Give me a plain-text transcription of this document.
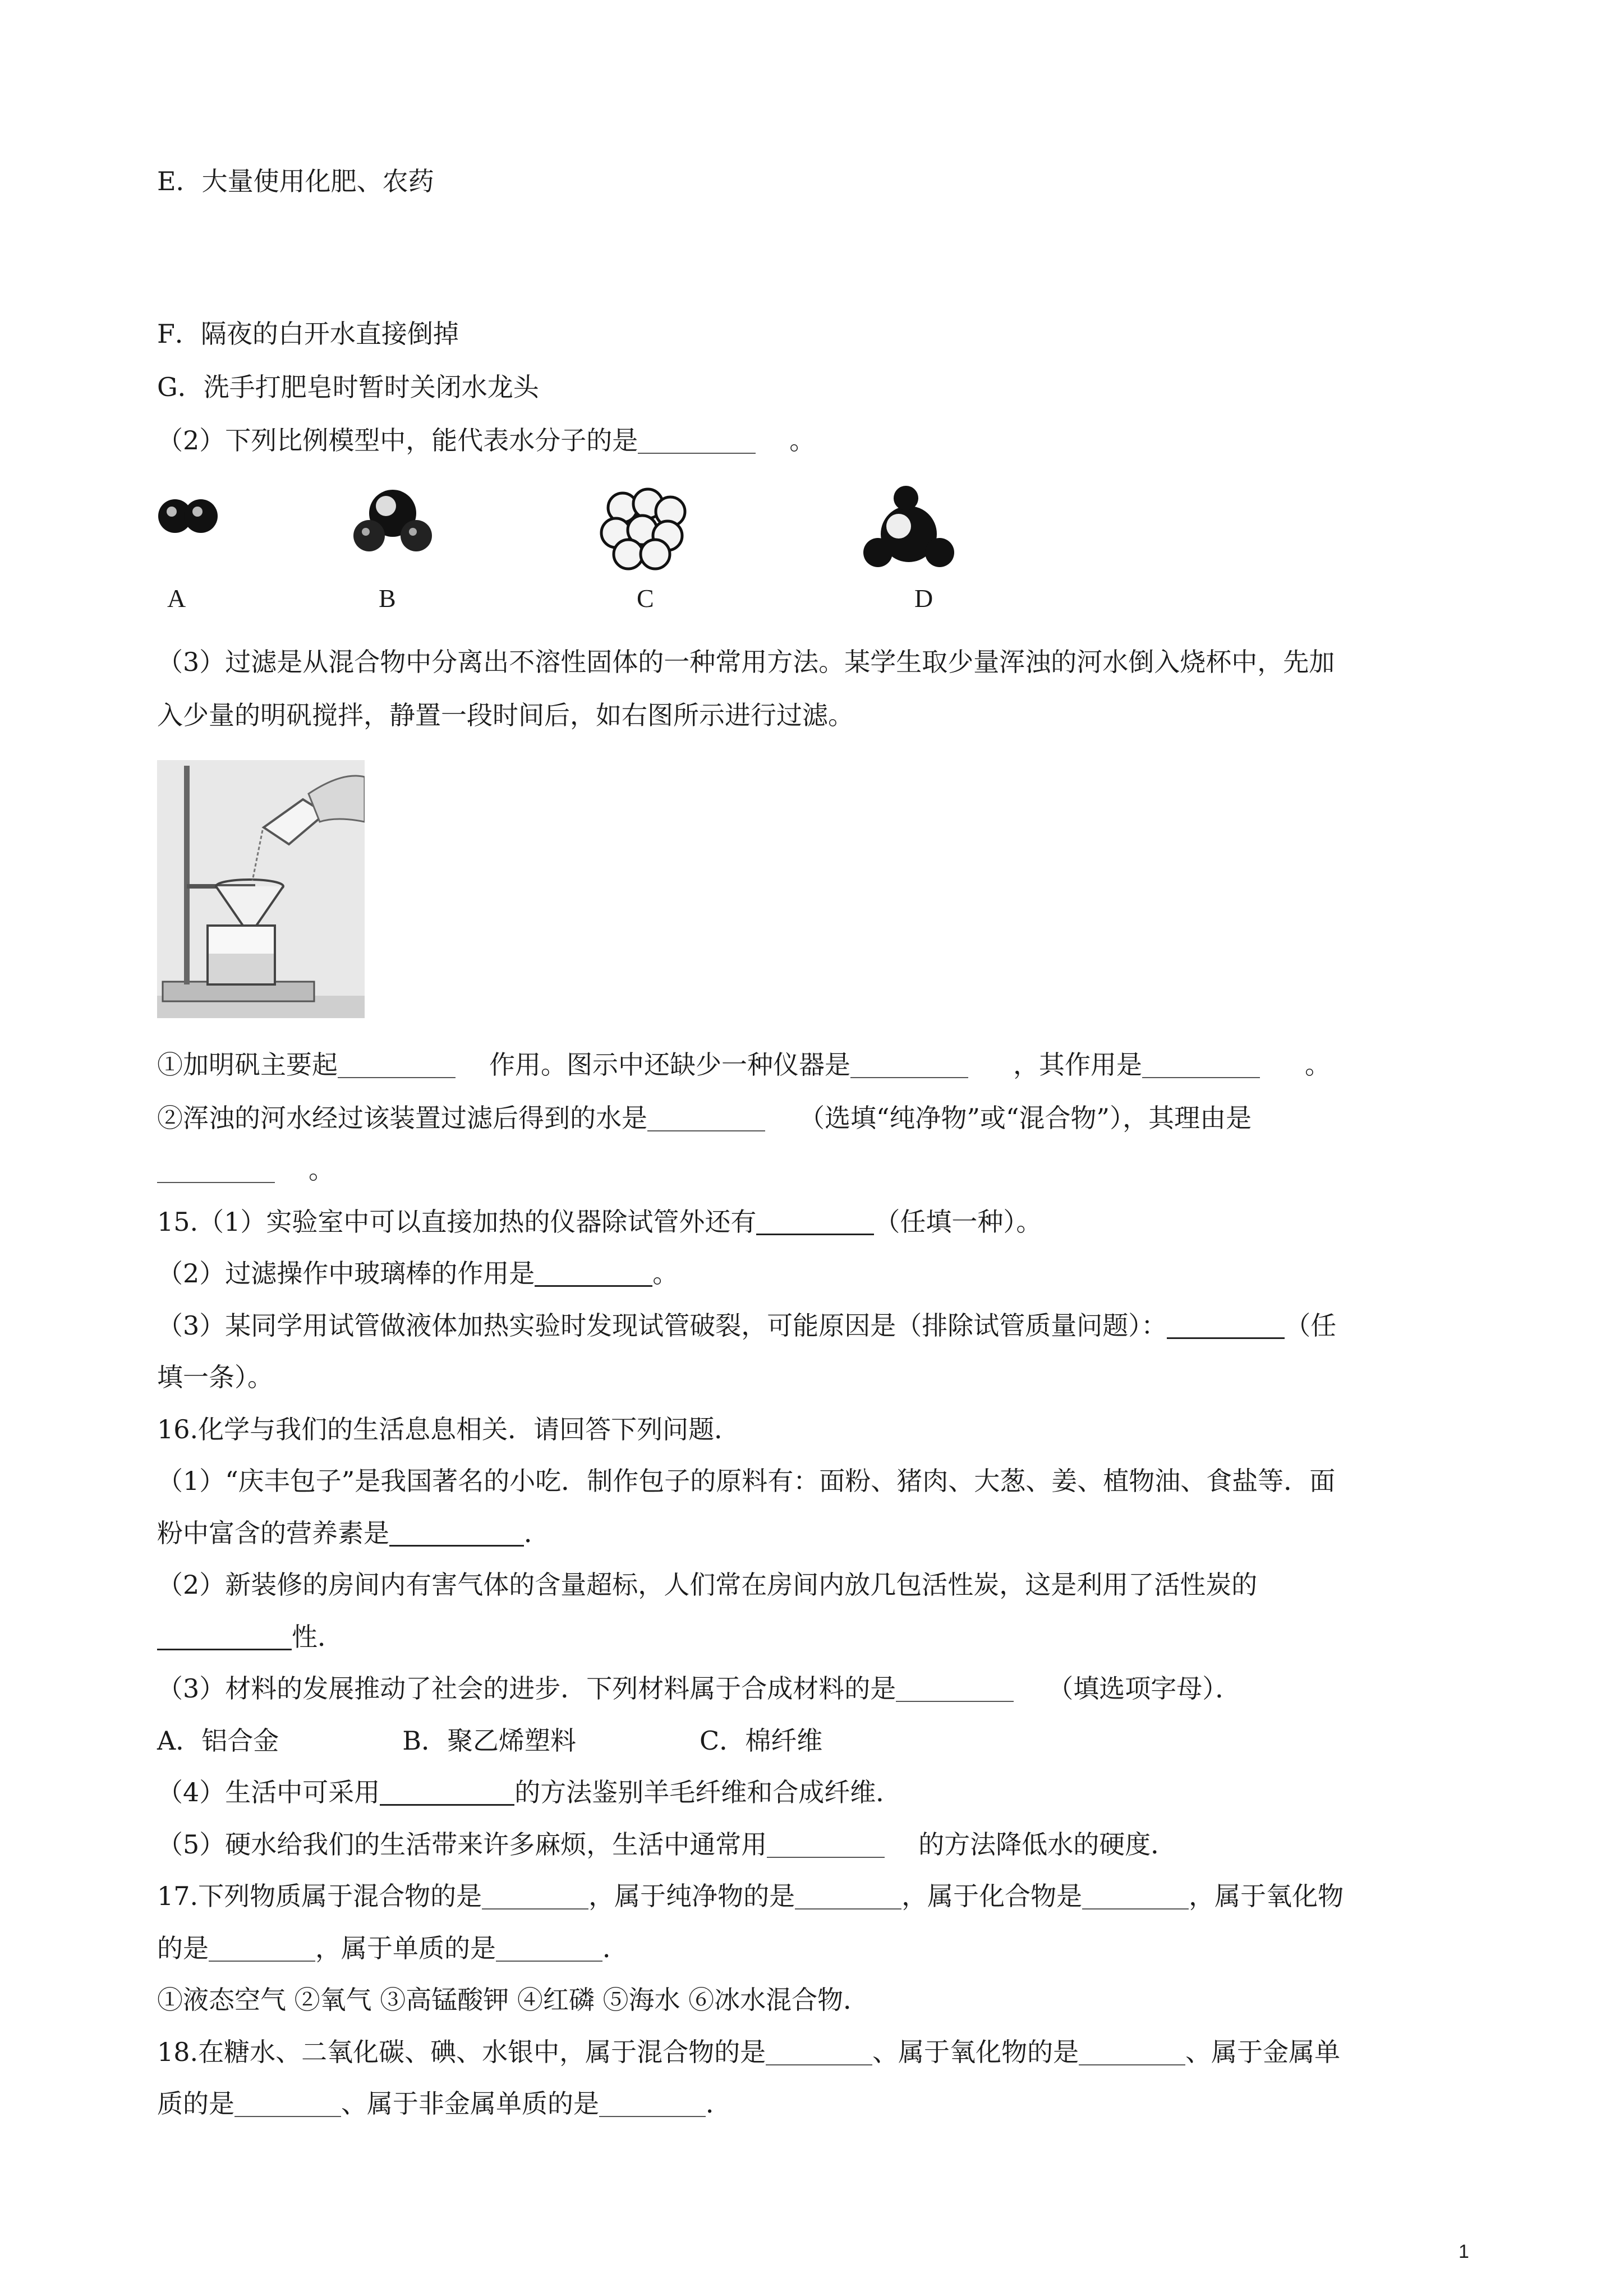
E．大量使用化肥、农药
F．隔夜的白开水直接倒掉
G．洗手打肥皂时暂时关闭水龙头
（2）下列比例模型中，能代表水分子的是	。
A	B	C	D
（3）过滤是从混合物中分离出不溶性固体的一种常用方法。某学生取少量浑浊的河水倒入烧杯中，先加
入少量的明矾搅拌，静置一段时间后，如右图所示进行过滤。
①加明矾主要起	作用。图示中还缺少一种仪器是	，其作用是	。
②浑浊的河水经过该装置过滤后得到的水是	（选填“纯净物”或“混合物”），其理由是
。
15.（1）实验室中可以直接加热的仪器除试管外还有	（任填一种）。
（2）过滤操作中玻璃棒的作用是	。
（3）某同学用试管做液体加热实验时发现试管破裂，可能原因是（排除试管质量问题）：	（任
填一条）。
16.化学与我们的生活息息相关．请回答下列问题．
（1）“庆丰包子”是我国著名的小吃．制作包子的原料有：面粉、猪肉、大葱、姜、植物油、食盐等．面
粉中富含的营养素是	．
（2）新装修的房间内有害气体的含量超标，人们常在房间内放几包活性炭，这是利用了活性炭的
性．
（3）材料的发展推动了社会的进步．下列材料属于合成材料的是	（填选项字母）．
A．铝合金	B．聚乙烯塑料	C．棉纤维
（4）生活中可采用	的方法鉴别羊毛纤维和合成纤维．
（5）硬水给我们的生活带来许多麻烦，生活中通常用	的方法降低水的硬度．
17.下列物质属于混合物的是	，属于纯净物的是	，属于化合物是	，属于氧化物
的是	，属于单质的是	．
①液态空气 ②氧气 ③高锰酸钾 ④红磷 ⑤海水 ⑥冰水混合物．
18.在糖水、二氧化碳、碘、水银中，属于混合物的是	、属于氧化物的是	、属于金属单
质的是	、属于非金属单质的是	．
1
